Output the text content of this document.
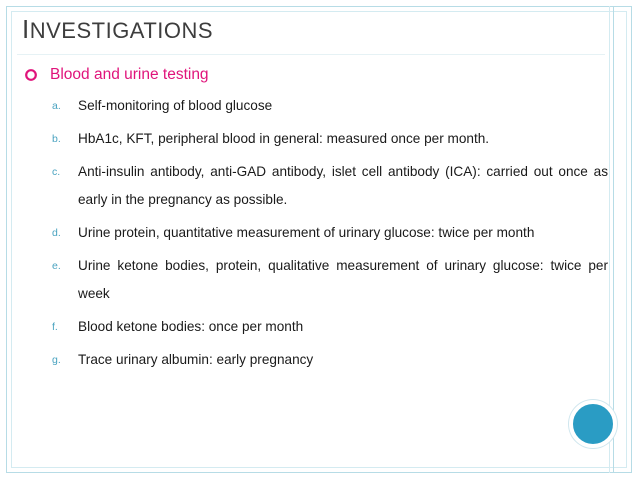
INVESTIGATIONS
Blood and urine testing
a.	Self-monitoring of blood glucose
b.	HbA1c, KFT, peripheral blood in general: measured once per month.
c.	Anti-insulin antibody, anti-GAD antibody, islet cell antibody (ICA): carried out once as early in the pregnancy as possible.
d.	Urine protein, quantitative measurement of urinary glucose: twice per month
e.	Urine ketone bodies, protein, qualitative measurement of urinary glucose: twice per week
f.	Blood ketone bodies: once per month
g.	Trace urinary albumin: early pregnancy
